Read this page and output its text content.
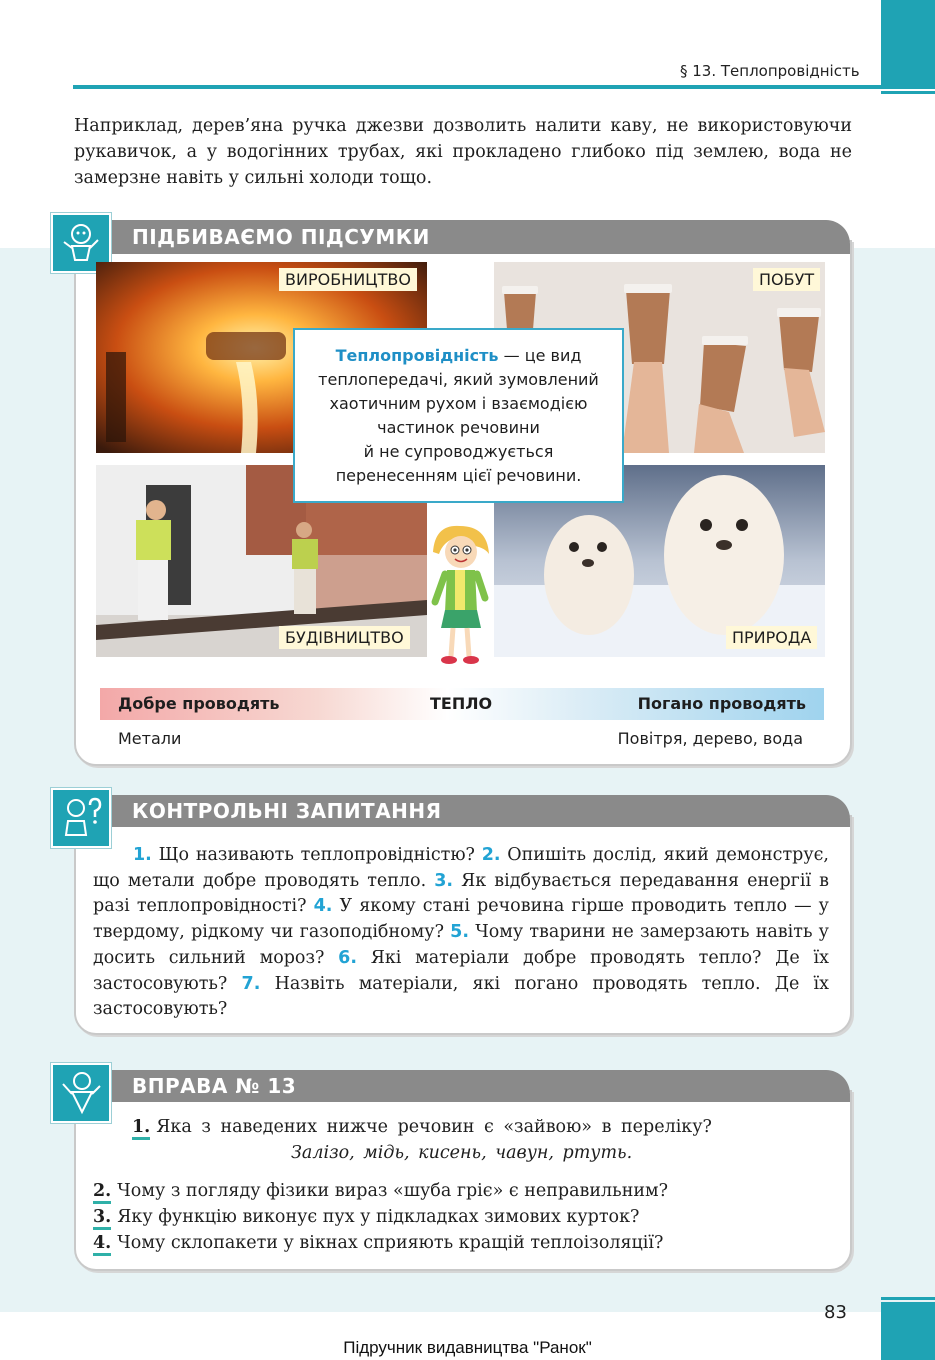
§ 13. Теплопровідність

Наприклад, дерев’яна ручка джезви дозволить налити каву, не використовуючи рукавичок, а у водогінних трубах, які прокладено глибоко під землею, вода не замерзне навіть у сильні холоди тощо.

ПІДБИВАЄМО ПІДСУМКИ
ВИРОБНИЦТВО	ПОБУТ
БУДІВНИЦТВО	ПРИРОДА
Теплопровідність — це вид
теплопередачі, який зумовлений
хаотичним рухом і взаємодією
частинок речовини
й не супроводжується
перенесенням цієї речовини.
Добре проводять	ТЕПЛО	Погано проводять
Метали	Повітря, дерево, вода
КОНТРОЛЬНІ ЗАПИТАННЯ

1. Що називають теплопровідністю? 2. Опишіть дослід, який демонструє, що метали добре проводять тепло. 3. Як відбувається передавання енергії в разі теплопровідності? 4. У якому стані речовина гірше проводить тепло — у твердому, рідкому чи газоподібному? 5. Чому тварини не замерзають навіть у досить сильний мороз? 6. Які матеріали добре проводять тепло? Де їх застосовують? 7. Назвіть матеріали, які погано проводять тепло. Де їх застосовують?

ВПРАВА № 13
1. Яка з наведених нижче речовин є «зайвою» в переліку?
Залізо, мідь, кисень, чавун, ртуть.
2. Чому з погляду фізики вираз «шуба гріє» є неправильним?
3. Яку функцію виконує пух у підкладках зимових курток?
4. Чому склопакети у вікнах сприяють кращій теплоізоляції?
83
Підручник видавництва "Ранок"
